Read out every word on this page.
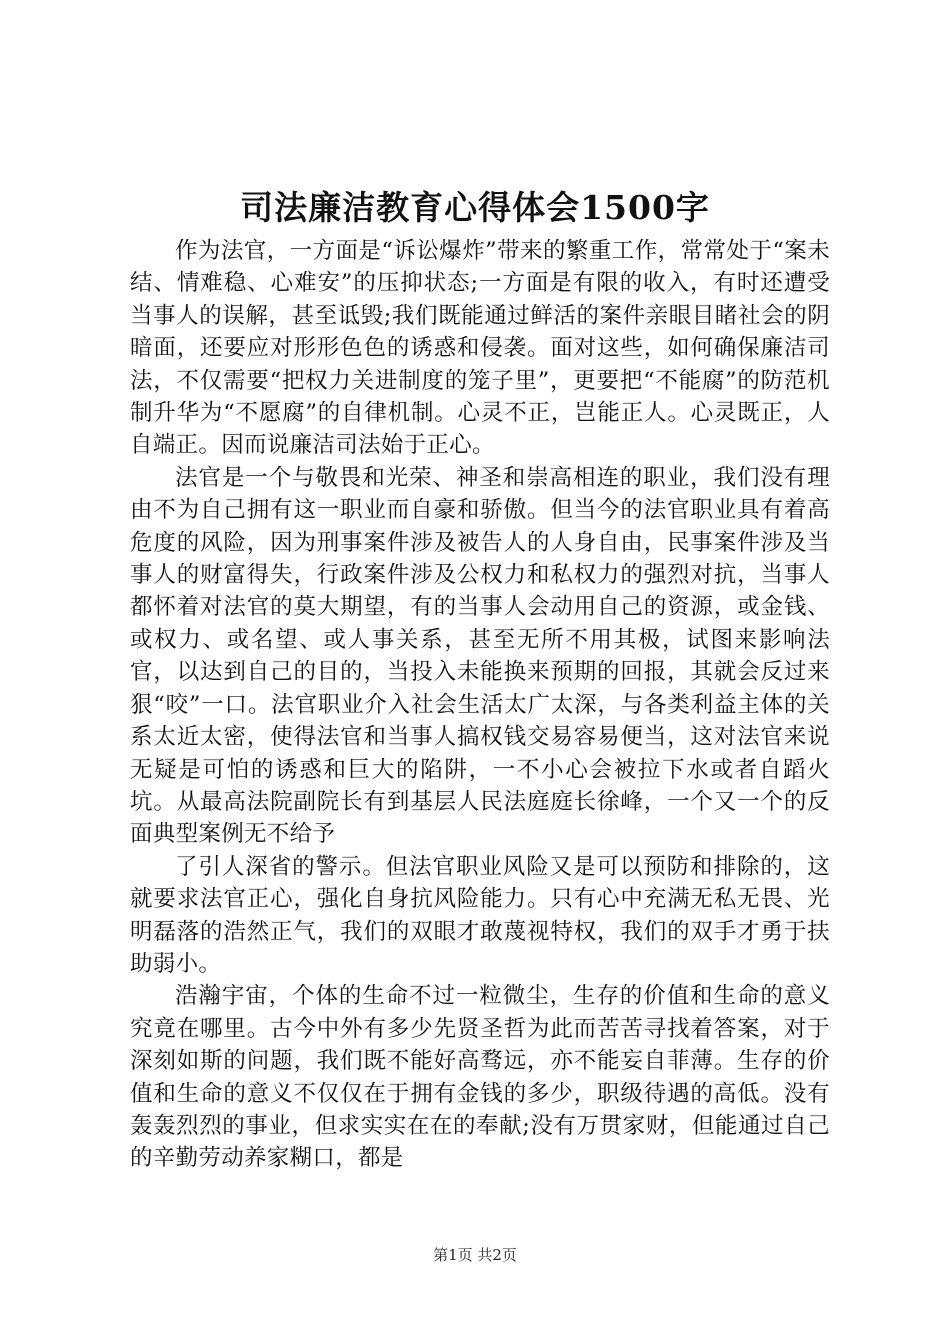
司法廉洁教育心得体会1500字

作为法官，一方面是“诉讼爆炸”带来的繁重工作，常常处于“案未结、情难稳、心难安”的压抑状态;一方面是有限的收入，有时还遭受当事人的误解，甚至诋毁;我们既能通过鲜活的案件亲眼目睹社会的阴暗面，还要应对形形色色的诱惑和侵袭。面对这些，如何确保廉洁司法，不仅需要“把权力关进制度的笼子里”，更要把“不能腐”的防范机制升华为“不愿腐”的自律机制。心灵不正，岂能正人。心灵既正，人自端正。因而说廉洁司法始于正心。

法官是一个与敬畏和光荣、神圣和崇高相连的职业，我们没有理由不为自己拥有这一职业而自豪和骄傲。但当今的法官职业具有着高危度的风险，因为刑事案件涉及被告人的人身自由，民事案件涉及当事人的财富得失，行政案件涉及公权力和私权力的强烈对抗，当事人都怀着对法官的莫大期望，有的当事人会动用自己的资源，或金钱、或权力、或名望、或人事关系，甚至无所不用其极，试图来影响法官，以达到自己的目的，当投入未能换来预期的回报，其就会反过来狠“咬”一口。法官职业介入社会生活太广太深，与各类利益主体的关系太近太密，使得法官和当事人搞权钱交易容易便当，这对法官来说无疑是可怕的诱惑和巨大的陷阱，一不小心会被拉下水或者自蹈火坑。从最高法院副院长有到基层人民法庭庭长徐峰，一个又一个的反面典型案例无不给予

了引人深省的警示。但法官职业风险又是可以预防和排除的，这就要求法官正心，强化自身抗风险能力。只有心中充满无私无畏、光明磊落的浩然正气，我们的双眼才敢蔑视特权，我们的双手才勇于扶助弱小。

浩瀚宇宙，个体的生命不过一粒微尘，生存的价值和生命的意义究竟在哪里。古今中外有多少先贤圣哲为此而苦苦寻找着答案，对于深刻如斯的问题，我们既不能好高骛远，亦不能妄自菲薄。生存的价值和生命的意义不仅仅在于拥有金钱的多少，职级待遇的高低。没有轰轰烈烈的事业，但求实实在在的奉献;没有万贯家财，但能通过自己的辛勤劳动养家糊口，都是

第1页 共2页
